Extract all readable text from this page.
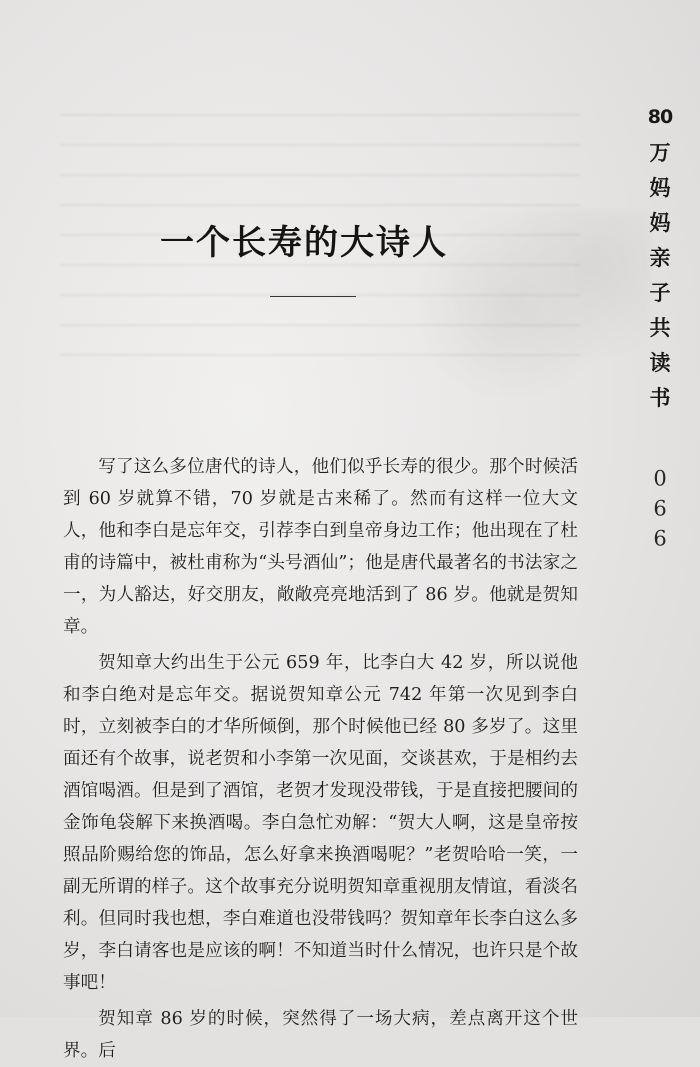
一个长寿的大诗人
80
万妈妈亲子共读书
0
9
9

写了这么多位唐代的诗人，他们似乎长寿的很少。那个时候活到 60 岁就算不错，70 岁就是古来稀了。然而有这样一位大文人，他和李白是忘年交，引荐李白到皇帝身边工作；他出现在了杜甫的诗篇中，被杜甫称为“头号酒仙”；他是唐代最著名的书法家之一，为人豁达，好交朋友，敞敞亮亮地活到了 86 岁。他就是贺知章。

贺知章大约出生于公元 659 年，比李白大 42 岁，所以说他和李白绝对是忘年交。据说贺知章公元 742 年第一次见到李白时，立刻被李白的才华所倾倒，那个时候他已经 80 多岁了。这里面还有个故事，说老贺和小李第一次见面，交谈甚欢，于是相约去酒馆喝酒。但是到了酒馆，老贺才发现没带钱，于是直接把腰间的金饰龟袋解下来换酒喝。李白急忙劝解：“贺大人啊，这是皇帝按照品阶赐给您的饰品，怎么好拿来换酒喝呢？”老贺哈哈一笑，一副无所谓的样子。这个故事充分说明贺知章重视朋友情谊，看淡名利。但同时我也想，李白难道也没带钱吗？贺知章年长李白这么多岁，李白请客也是应该的啊！不知道当时什么情况，也许只是个故事吧！

贺知章 86 岁的时候，突然得了一场大病，差点离开这个世界。后
